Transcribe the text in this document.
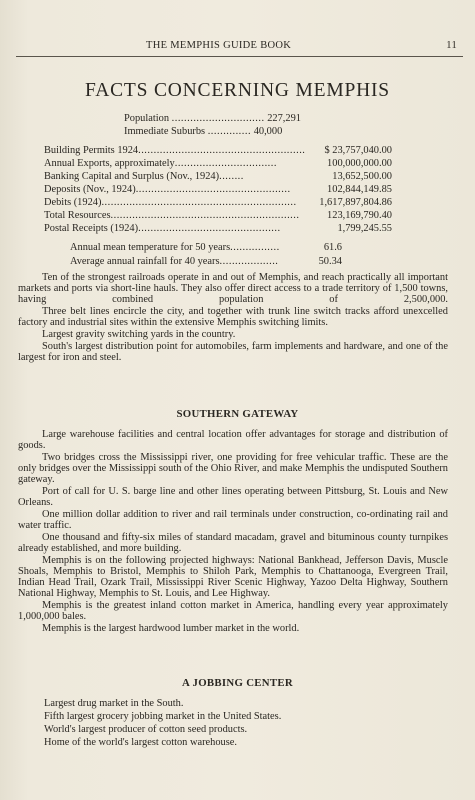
THE MEMPHIS GUIDE BOOK	11
FACTS CONCERNING MEMPHIS
Population .............................. 227,291
Immediate Suburbs .............. 40,000
Building Permits 1924...................................................... $ 23,757,040.00
Annual Exports, approximately.................................	100,000,000.00
Banking Capital and Surplus (Nov., 1924)........	13,652,500.00
Deposits (Nov., 1924)..................................................	102,844,149.85
Debits (1924)............................................................... 1,617,897,804.86
Total Resources.............................................................	123,169,790.40
Postal Receipts (1924)..............................................	1,799,245.55
Annual mean temperature for 50 years................	61.6
Average annual rainfall for 40 years...................	50.34

Ten of the strongest railroads operate in and out of Memphis, and reach practically all important markets and ports via short-line hauls. They also offer direct access to a trade territory of 1,500 towns, having combined population of 2,500,000.

Three belt lines encircle the city, and together with trunk line switch tracks afford unexcelled factory and industrial sites within the extensive Memphis switching limits.

Largest gravity switching yards in the country.

South's largest distribution point for automobiles, farm implements and hardware, and one of the largest for iron and steel.

SOUTHERN GATEWAY

Large warehouse facilities and central location offer advantages for storage and distribution of goods.

Two bridges cross the Mississippi river, one providing for free vehicular traffic. These are the only bridges over the Mississippi south of the Ohio River, and make Memphis the undisputed Southern gateway.

Port of call for U. S. barge line and other lines operating between Pittsburg, St. Louis and New Orleans.

One million dollar addition to river and rail terminals under construction, co-ordinating rail and water traffic.

One thousand and fifty-six miles of standard macadam, gravel and bituminous county turnpikes already established, and more building.

Memphis is on the following projected highways: National Bankhead, Jefferson Davis, Muscle Shoals, Memphis to Bristol, Memphis to Shiloh Park, Memphis to Chattanooga, Evergreen Trail, Indian Head Trail, Ozark Trail, Mississippi River Scenic Highway, Yazoo Delta Highway, Southern National Highway, Memphis to St. Louis, and Lee Highway.

Memphis is the greatest inland cotton market in America, handling every year approximately 1,000,000 bales.

Memphis is the largest hardwood lumber market in the world.

A JOBBING CENTER
Largest drug market in the South.
Fifth largest grocery jobbing market in the United States.
World's largest producer of cotton seed products.
Home of the world's largest cotton warehouse.
